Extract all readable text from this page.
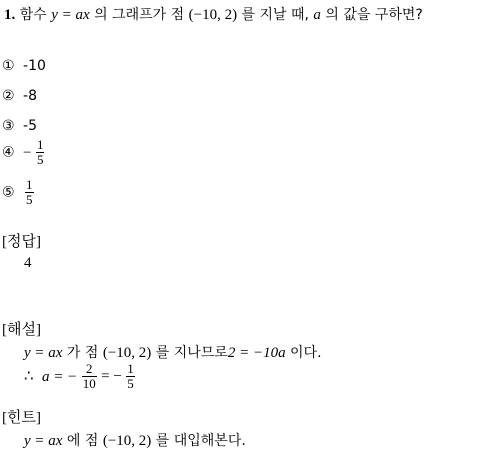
1. 함수 y = ax 의 그래프가 점 (−10, 2) 를 지날 때, a 의 값을 구하면?
① -10
② -8
③ -5
④ − $\frac{1}{5}$
⑤ $\frac{1}{5}$
[정답]
4
[해설]
y = ax 가 점 (−10, 2) 를 지나므로2 = −10a 이다.
∴ a = − $\frac{2}{10}$ = − $\frac{1}{5}$
[힌트]
y = ax 에 점 (−10, 2) 를 대입해본다.
